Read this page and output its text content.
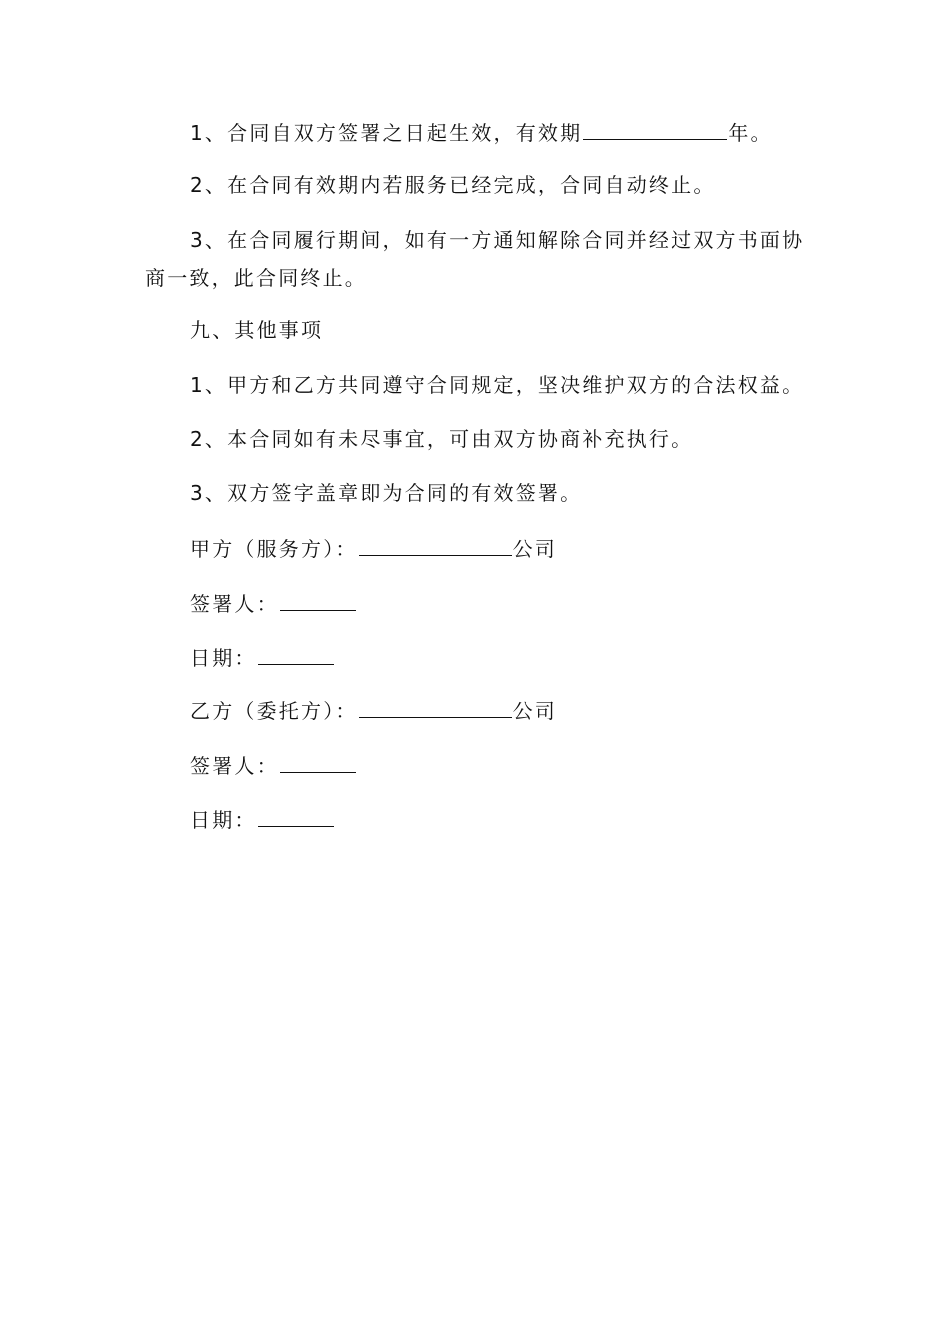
1、合同自双方签署之日起生效，有效期	年。
2、在合同有效期内若服务已经完成，合同自动终止。
3、在合同履行期间，如有一方通知解除合同并经过双方书面协
商一致，此合同终止。
九、其他事项
1、甲方和乙方共同遵守合同规定，坚决维护双方的合法权益。
2、本合同如有未尽事宜，可由双方协商补充执行。
3、双方签字盖章即为合同的有效签署。
甲方（服务方）：	公司
签署人：
日期：
乙方（委托方）：	公司
签署人：
日期：
